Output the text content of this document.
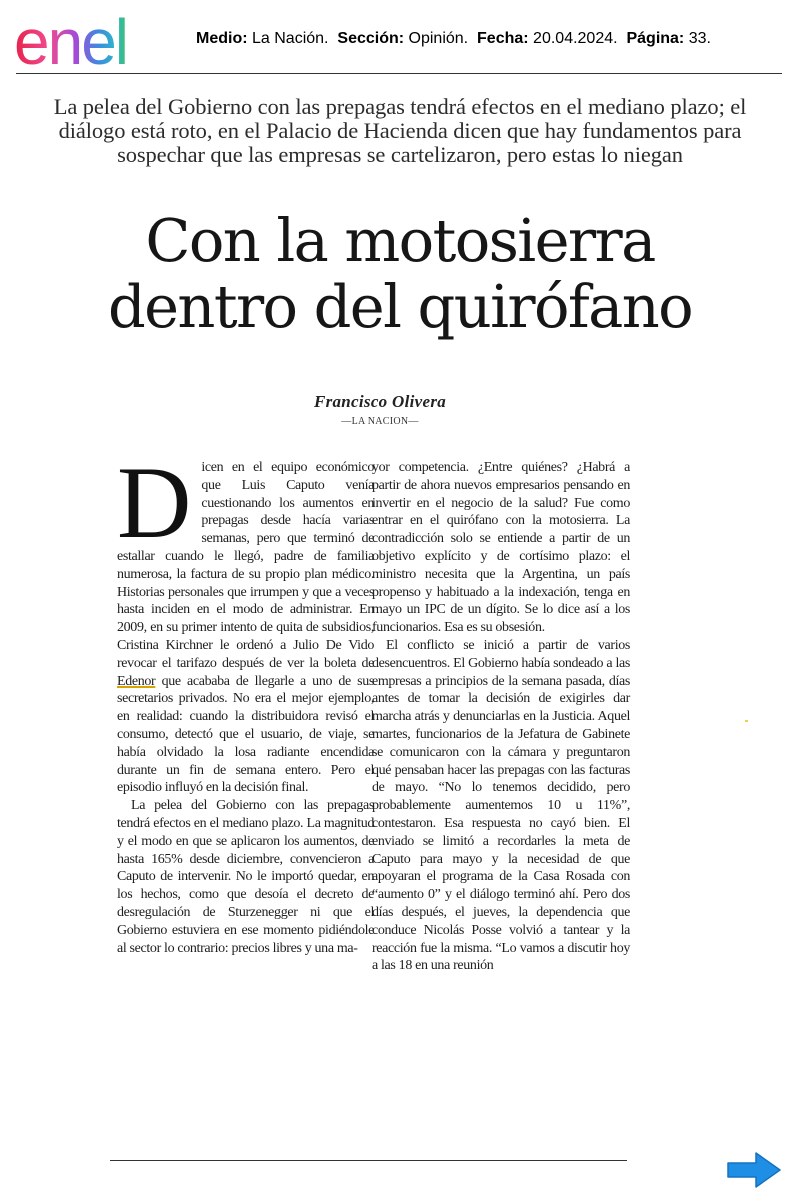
enel	Medio: La Nación. Sección: Opinión. Fecha: 20.04.2024. Página: 33.
La pelea del Gobierno con las prepagas tendrá efectos en el mediano plazo; el diálogo está roto, en el Palacio de Hacienda dicen que hay fundamentos para sospechar que las empresas se cartelizaron, pero estas lo niegan
Con la motosierra
dentro del quirófano
Francisco Olivera
—LA NACION—

Dicen en el equipo económico que Luis Caputo venía cuestionando los aumentos en prepagas desde hacía varias semanas, pero que terminó de estallar cuando le llegó, padre de familia numerosa, la factura de su propio plan médico. Historias personales que irrumpen y que a veces hasta inciden en el modo de administrar. En 2009, en su primer intento de quita de subsidios, Cristina Kirchner le ordenó a Julio De Vido revocar el tarifazo después de ver la boleta de Edenor que acababa de llegarle a uno de sus secretarios privados. No era el mejor ejemplo, en realidad: cuando la distribuidora revisó el consumo, detectó que el usuario, de viaje, se había olvidado la losa radiante encendida durante un fin de semana entero. Pero el episodio influyó en la decisión final.

La pelea del Gobierno con las prepagas tendrá efectos en el mediano plazo. La magnitud y el modo en que se aplicaron los aumentos, de hasta 165% desde diciembre, convencieron a Caputo de intervenir. No le importó quedar, en los hechos, como que desoía el decreto de desregulación de Sturzenegger ni que el Gobierno estuviera en ese momento pidiéndole al sector lo contrario: precios libres y una ma-

yor competencia. ¿Entre quiénes? ¿Habrá a partir de ahora nuevos empresarios pensando en invertir en el negocio de la salud? Fue como entrar en el quirófano con la motosierra. La contradicción solo se entiende a partir de un objetivo explícito y de cortísimo plazo: el ministro necesita que la Argentina, un país propenso y habituado a la indexación, tenga en mayo un IPC de un dígito. Se lo dice así a los funcionarios. Esa es su obsesión.

El conflicto se inició a partir de varios desencuentros. El Gobierno había sondeado a las empresas a principios de la semana pasada, días antes de tomar la decisión de exigirles dar marcha atrás y denunciarlas en la Justicia. Aquel martes, funcionarios de la Jefatura de Gabinete se comunicaron con la cámara y preguntaron qué pensaban hacer las prepagas con las facturas de mayo. “No lo tenemos decidido, pero probablemente aumentemos 10 u 11%”, contestaron. Esa respuesta no cayó bien. El enviado se limitó a recordarles la meta de Caputo para mayo y la necesidad de que apoyaran el programa de la Casa Rosada con “aumento 0” y el diálogo terminó ahí. Pero dos días después, el jueves, la dependencia que conduce Nicolás Posse volvió a tantear y la reacción fue la misma. “Lo vamos a discutir hoy a las 18 en una reunión
